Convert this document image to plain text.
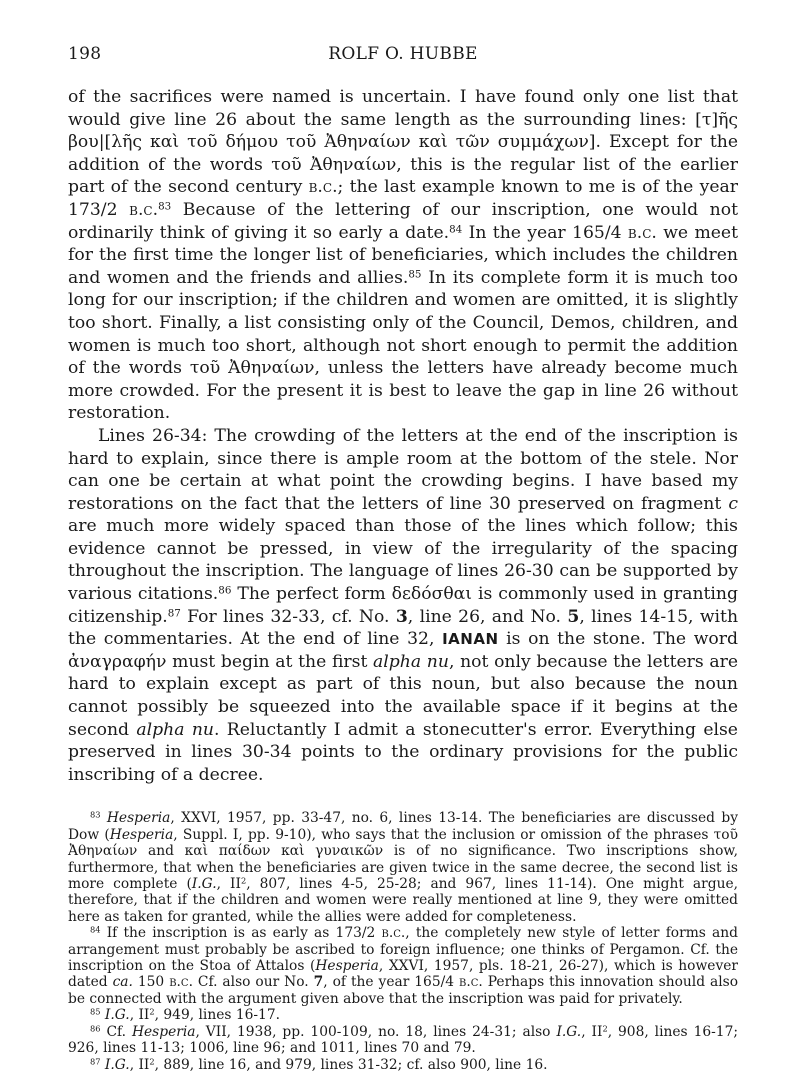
198	ROLF O. HUBBE

of the sacrifices were named is uncertain. I have found only one list that would give line 26 about the same length as the surrounding lines: [τ]ῆς βου|[λῆς καὶ τοῦ δήμου τοῦ Ἀθηναίων καὶ τῶν συμμάχων]. Except for the addition of the words τοῦ Ἀθηναίων, this is the regular list of the earlier part of the second century b.c.; the last example known to me is of the year 173/2 b.c.$^{83}$ Because of the lettering of our inscription, one would not ordinarily think of giving it so early a date.$^{84}$ In the year 165/4 b.c. we meet for the first time the longer list of beneficiaries, which includes the children and women and the friends and allies.$^{85}$ In its complete form it is much too long for our inscription; if the children and women are omitted, it is slightly too short. Finally, a list consisting only of the Council, Demos, children, and women is much too short, although not short enough to permit the addition of the words τοῦ Ἀθηναίων, unless the letters have already become much more crowded. For the present it is best to leave the gap in line 26 without restoration.

Lines 26-34: The crowding of the letters at the end of the inscription is hard to explain, since there is ample room at the bottom of the stele. Nor can one be certain at what point the crowding begins. I have based my restorations on the fact that the letters of line 30 preserved on fragment c are much more widely spaced than those of the lines which follow; this evidence cannot be pressed, in view of the irregularity of the spacing throughout the inscription. The language of lines 26-30 can be supported by various citations.$^{86}$ The perfect form δεδόσθαι is commonly used in granting citizenship.$^{87}$ For lines 32-33, cf. No. 3, line 26, and No. 5, lines 14-15, with the commentaries. At the end of line 32, IANAN is on the stone. The word ἀναγραφήν must begin at the first alpha nu, not only because the letters are hard to explain except as part of this noun, but also because the noun cannot possibly be squeezed into the available space if it begins at the second alpha nu. Reluctantly I admit a stonecutter's error. Everything else preserved in lines 30-34 points to the ordinary provisions for the public inscribing of a decree.

$^{83}$ Hesperia, XXVI, 1957, pp. 33-47, no. 6, lines 13-14. The beneficiaries are discussed by Dow (Hesperia, Suppl. I, pp. 9-10), who says that the inclusion or omission of the phrases τοῦ Ἀθηναίων and καὶ παίδων καὶ γυναικῶν is of no significance. Two inscriptions show, furthermore, that when the beneficiaries are given twice in the same decree, the second list is more complete (I.G., $II^2$, 807, lines 4-5, 25-28; and 967, lines 11-14). One might argue, therefore, that if the children and women were really mentioned at line 9, they were omitted here as taken for granted, while the allies were added for completeness.

$^{84}$ If the inscription is as early as 173/2 b.c., the completely new style of letter forms and arrangement must probably be ascribed to foreign influence; one thinks of Pergamon. Cf. the inscription on the Stoa of Attalos (Hesperia, XXVI, 1957, pls. 18-21, 26-27), which is however dated ca. 150 b.c. Cf. also our No. 7, of the year 165/4 b.c. Perhaps this innovation should also be connected with the argument given above that the inscription was paid for privately.

$^{85}$ I.G., $II^2$, 949, lines 16-17.

$^{86}$ Cf. Hesperia, VII, 1938, pp. 100-109, no. 18, lines 24-31; also I.G., $II^2$, 908, lines 16-17; 926, lines 11-13; 1006, line 96; and 1011, lines 70 and 79.

$^{87}$ I.G., $II^2$, 889, line 16, and 979, lines 31-32; cf. also 900, line 16.
